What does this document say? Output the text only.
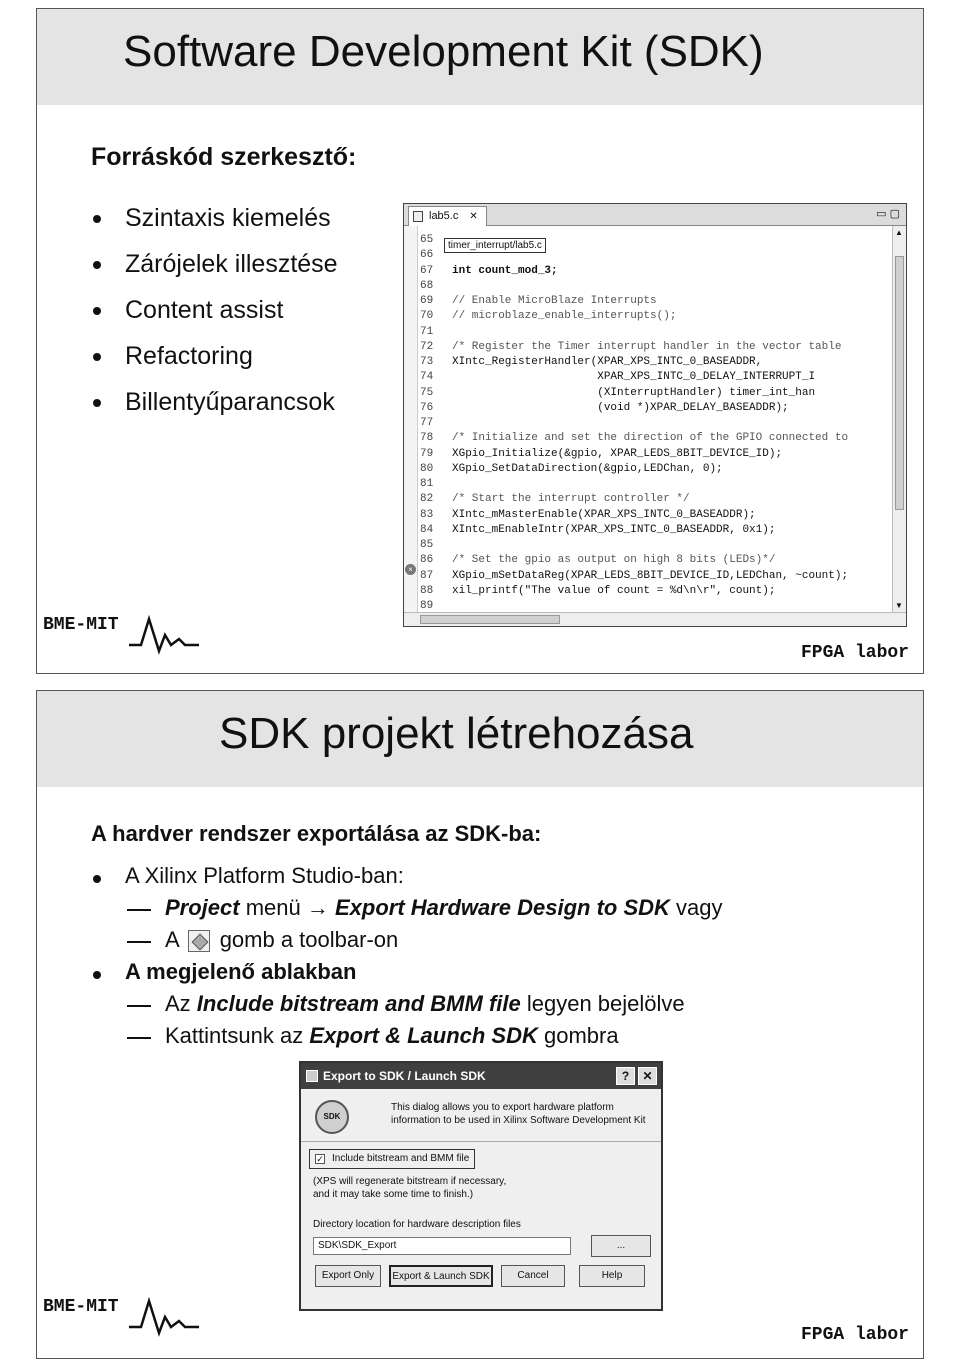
Software Development Kit (SDK)
Forráskód szerkesztő:
Szintaxis kiemelés
Zárójelek illesztése
Content assist
Refactoring
Billentyűparancsok
lab5.c ✕	▭ ▢
×
65
66
67 int count_mod_3;
68
69 // Enable MicroBlaze Interrupts
70 // microblaze_enable_interrupts();
71
72 /* Register the Timer interrupt handler in the vector table
73 XIntc_RegisterHandler(XPAR_XPS_INTC_0_BASEADDR,
74                      XPAR_XPS_INTC_0_DELAY_INTERRUPT_I
75                      (XInterruptHandler) timer_int_han
76                      (void *)XPAR_DELAY_BASEADDR);
77
78 /* Initialize and set the direction of the GPIO connected to
79 XGpio_Initialize(&gpio, XPAR_LEDS_8BIT_DEVICE_ID);
80 XGpio_SetDataDirection(&gpio,LEDChan, 0);
81
82 /* Start the interrupt controller */
83 XIntc_mMasterEnable(XPAR_XPS_INTC_0_BASEADDR);
84 XIntc_mEnableIntr(XPAR_XPS_INTC_0_BASEADDR, 0x1);
85
86 /* Set the gpio as output on high 8 bits (LEDs)*/
87 XGpio_mSetDataReg(XPAR_LEDS_8BIT_DEVICE_ID,LEDChan, ~count);
88 xil_printf("The value of count = %d\n\r", count);
89
timer_interrupt/lab5.c
▲
▼
BME-MIT
FPGA labor
SDK projekt létrehozása
A hardver rendszer exportálása az SDK-ba:
A Xilinx Platform Studio-ban:
Project menü → Export Hardware Design to SDK vagy
A gomb a toolbar-on
A megjelenő ablakban
Az Include bitstream and BMM file legyen bejelölve
Kattintsunk az Export & Launch SDK gombra
Export to SDK / Launch SDK	?	✕
SDK
This dialog allows you to export hardware platform
information to be used in Xilinx Software Development Kit
✓ Include bitstream and BMM file
(XPS will regenerate bitstream if necessary,
and it may take some time to finish.)
Directory location for hardware description files
SDK\SDK_Export	...
Export Only	Export & Launch SDK	Cancel	Help
BME-MIT
FPGA labor
